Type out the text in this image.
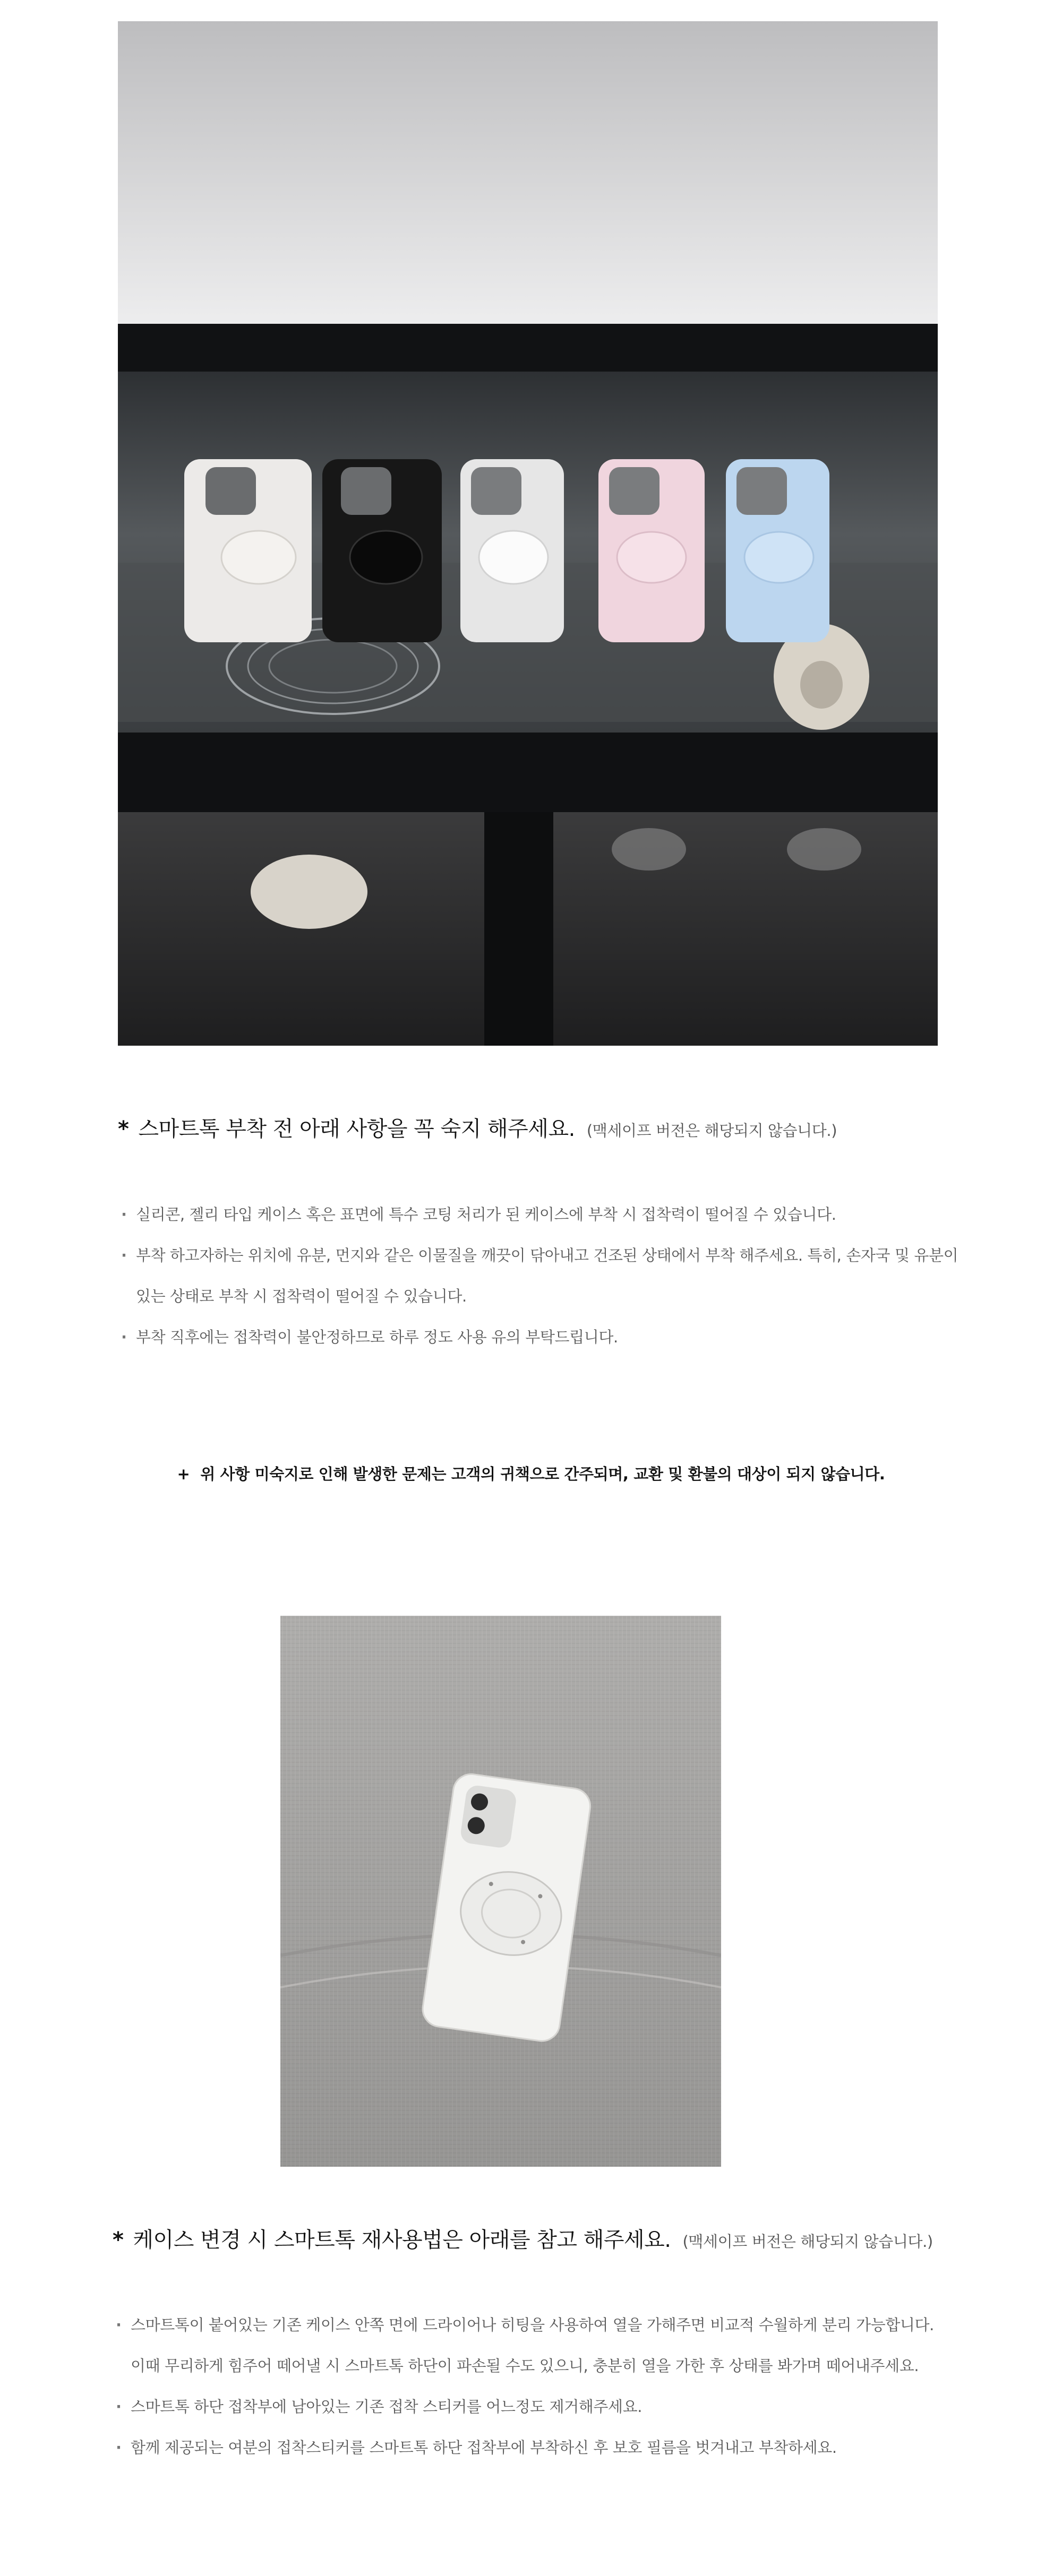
* 스마트톡 부착 전 아래 사항을 꼭 숙지 해주세요. (맥세이프 버전은 해당되지 않습니다.)
· 실리콘, 젤리 타입 케이스 혹은 표면에 특수 코팅 처리가 된 케이스에 부착 시 접착력이 떨어질 수 있습니다.
· 부착 하고자하는 위치에 유분, 먼지와 같은 이물질을 깨끗이 닦아내고 건조된 상태에서 부착 해주세요. 특히, 손자국 및 유분이
있는 상태로 부착 시 접착력이 떨어질 수 있습니다.
· 부착 직후에는 접착력이 불안정하므로 하루 정도 사용 유의 부탁드립니다.
+ 위 사항 미숙지로 인해 발생한 문제는 고객의 귀책으로 간주되며, 교환 및 환불의 대상이 되지 않습니다.
* 케이스 변경 시 스마트톡 재사용법은 아래를 참고 해주세요. (맥세이프 버전은 해당되지 않습니다.)
· 스마트톡이 붙어있는 기존 케이스 안쪽 면에 드라이어나 히팅을 사용하여 열을 가해주면 비교적 수월하게 분리 가능합니다.
이때 무리하게 힘주어 떼어낼 시 스마트톡 하단이 파손될 수도 있으니, 충분히 열을 가한 후 상태를 봐가며 떼어내주세요.
· 스마트톡 하단 접착부에 남아있는 기존 접착 스티커를 어느정도 제거해주세요.
· 함께 제공되는 여분의 접착스티커를 스마트톡 하단 접착부에 부착하신 후 보호 필름을 벗겨내고 부착하세요.
